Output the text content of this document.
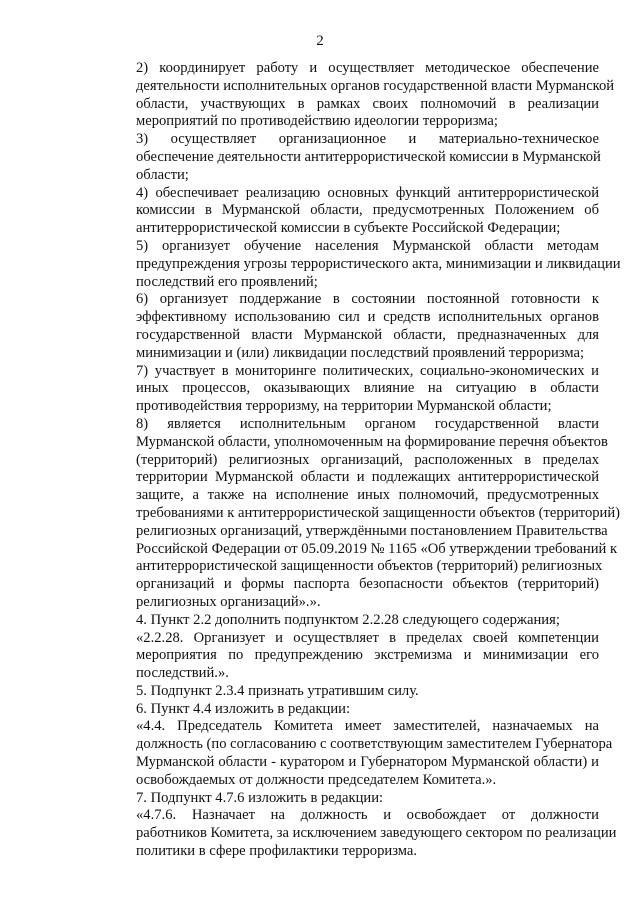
2

2) координирует работу и осуществляет методическое обеспечение
деятельности исполнительных органов государственной власти Мурманской
области, участвующих в рамках своих полномочий в реализации
мероприятий по противодействию идеологии терроризма;

3) осуществляет организационное и материально-техническое
обеспечение деятельности антитеррористической комиссии в Мурманской
области;

4) обеспечивает реализацию основных функций антитеррористической
комиссии в Мурманской области, предусмотренных Положением об
антитеррористической комиссии в субъекте Российской Федерации;

5) организует обучение населения Мурманской области методам
предупреждения угрозы террористического акта, минимизации и ликвидации
последствий его проявлений;

6) организует поддержание в состоянии постоянной готовности к
эффективному использованию сил и средств исполнительных органов
государственной власти Мурманской области, предназначенных для
минимизации и (или) ликвидации последствий проявлений терроризма;

7) участвует в мониторинге политических, социально-экономических и
иных процессов, оказывающих влияние на ситуацию в области
противодействия терроризму, на территории Мурманской области;

8) является исполнительным органом государственной власти
Мурманской области, уполномоченным на формирование перечня объектов
(территорий) религиозных организаций, расположенных в пределах
территории Мурманской области и подлежащих антитеррористической
защите, а также на исполнение иных полномочий, предусмотренных
требованиями к антитеррористической защищенности объектов (территорий)
религиозных организаций, утверждёнными постановлением Правительства
Российской Федерации от 05.09.2019 № 1165 «Об утверждении требований к
антитеррористической защищенности объектов (территорий) религиозных
организаций и формы паспорта безопасности объектов (территорий)
религиозных организаций».».

4. Пункт 2.2 дополнить подпунктом 2.2.28 следующего содержания;

«2.2.28. Организует и осуществляет в пределах своей компетенции
мероприятия по предупреждению экстремизма и минимизации его
последствий.».

5. Подпункт 2.3.4 признать утратившим силу.

6. Пункт 4.4 изложить в редакции:

«4.4. Председатель Комитета имеет заместителей, назначаемых на
должность (по согласованию с соответствующим заместителем Губернатора
Мурманской области - куратором и Губернатором Мурманской области) и
освобождаемых от должности председателем Комитета.».

7. Подпункт 4.7.6 изложить в редакции:

«4.7.6. Назначает на должность и освобождает от должности
работников Комитета, за исключением заведующего сектором по реализации
политики в сфере профилактики терроризма.
